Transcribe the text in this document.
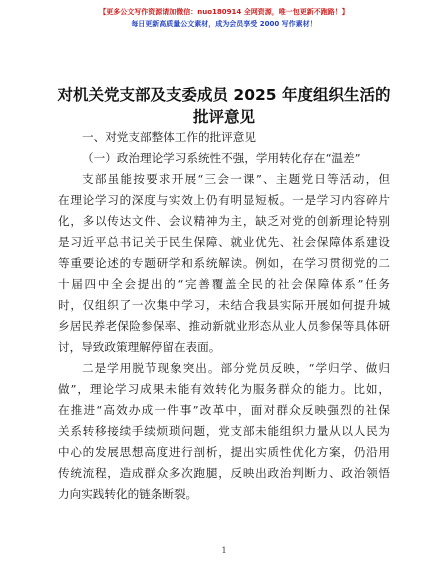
【更多公文写作资源请加微信：nuo180914 全网资源，唯一包更新不跑路！】
每日更新高质量公文素材，成为会员享受 2000 写作素材！
对机关党支部及支委成员 2025 年度组织生活的
批评意见
一、对党支部整体工作的批评意见
（一）政治理论学习系统性不强，学用转化存在“温差”
支部虽能按要求开展“三会一课”、主题党日等活动，但
在理论学习的深度与实效上仍有明显短板。一是学习内容碎片
化，多以传达文件、会议精神为主，缺乏对党的创新理论特别
是习近平总书记关于民生保障、就业优先、社会保障体系建设
等重要论述的专题研学和系统解读。例如，在学习贯彻党的二
十届四中全会提出的“完善覆盖全民的社会保障体系”任务
时，仅组织了一次集中学习，未结合我县实际开展如何提升城
乡居民养老保险参保率、推动新就业形态从业人员参保等具体研
讨，导致政策理解停留在表面。
二是学用脱节现象突出。部分党员反映，“学归学、做归
做”，理论学习成果未能有效转化为服务群众的能力。比如，
在推进“高效办成一件事”改革中，面对群众反映强烈的社保
关系转移接续手续烦琐问题，党支部未能组织力量从以人民为
中心的发展思想高度进行剖析，提出实质性优化方案，仍沿用
传统流程，造成群众多次跑腿，反映出政治判断力、政治领悟
力向实践转化的链条断裂。
1
